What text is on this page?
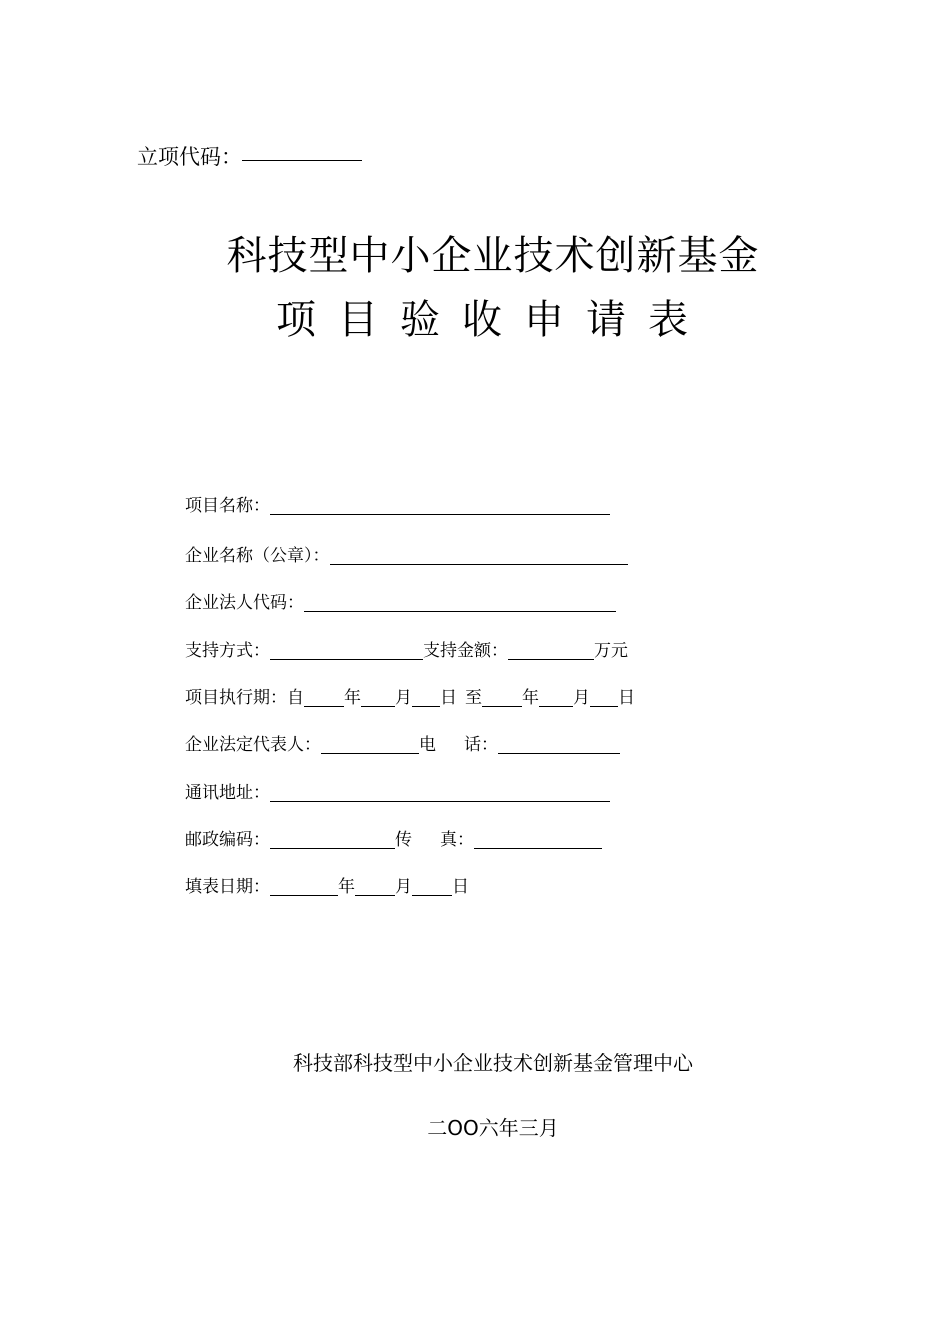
立项代码：
科技型中小企业技术创新基金
项目验收申请表
项目名称：
企业名称（公章）：
企业法人代码：
支持方式：	支持金额：	万元
项目执行期：自 年 月 日 至 年 月 日
企业法定代表人：	电 话：
通讯地址：
邮政编码：	传 真：
填表日期：	年 月 日
科技部科技型中小企业技术创新基金管理中心
二OO六年三月
